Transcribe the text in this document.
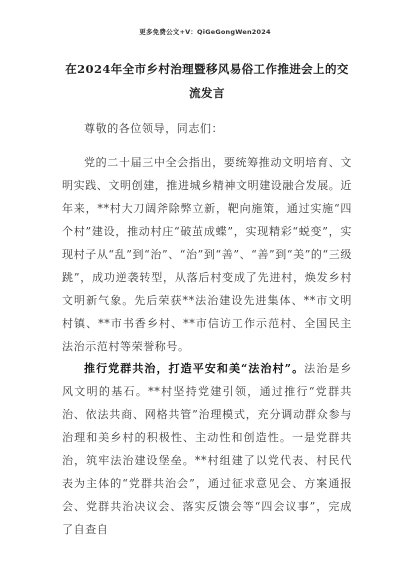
更多免费公文+V：QiGeGongWen2024
在2024年全市乡村治理暨移风易俗工作推进会上的交流发言

尊敬的各位领导，同志们：

党的二十届三中全会指出，要统筹推动文明培育、文明实践、文明创建，推进城乡精神文明建设融合发展。近年来，**村大刀阔斧除弊立新，靶向施策，通过实施“四个村”建设，推动村庄“破茧成蝶”，实现精彩“蜕变”，实现村子从“乱”到“治”、“治”到“善”、“善”到“美”的“三级跳”，成功逆袭转型，从落后村变成了先进村，焕发乡村文明新气象。先后荣获**法治建设先进集体、**市文明村镇、**市书香乡村、**市信访工作示范村、全国民主法治示范村等荣誉称号。

推行党群共治，打造平安和美“法治村”。法治是乡风文明的基石。**村坚持党建引领，通过推行“党群共治、依法共商、网格共管”治理模式，充分调动群众参与治理和美乡村的积极性、主动性和创造性。一是党群共治，筑牢法治建设堡垒。**村组建了以党代表、村民代表为主体的“党群共治会”，通过征求意见会、方案通报会、党群共治决议会、落实反馈会等“四会议事”，完成了自查自
